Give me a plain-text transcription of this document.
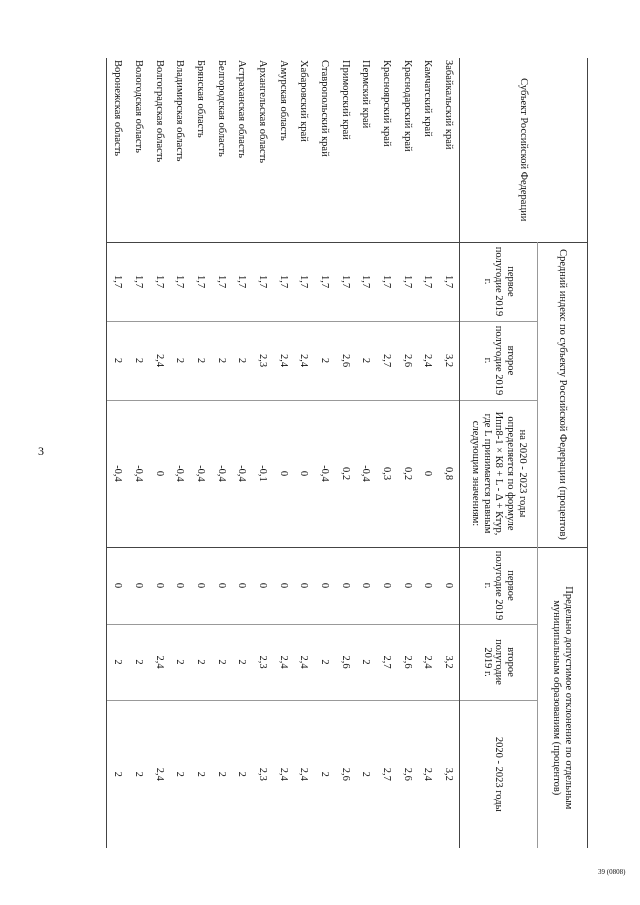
3
39 (0808)
Субъект Российской Федерации	Средний индекс по субъекту Российской Федерации (процентов)			Предельно допустимое отклонение по отдельным муниципальным образованиям (процентов)		
	первое полугодие 2019 г.	второе полугодие 2019 г.	на 2020 - 2023 годы определяется по формуле Ипп8-1 × К8 + L - Δ + Ктур, где L принимается равным следующим значениям:	первое полугодие 2019 г.	второе полугодие 2019 г.	2020 - 2023 годы
Забайкальский край	1,7	3,2	0,8	0	3,2	3,2
Камчатский край	1,7	2,4	0	0	2,4	2,4
Краснодарский край	1,7	2,6	0,2	0	2,6	2,6
Красноярский край	1,7	2,7	0,3	0	2,7	2,7
Пермский край	1,7	2	-0,4	0	2	2
Приморский край	1,7	2,6	0,2	0	2,6	2,6
Ставропольский край	1,7	2	-0,4	0	2	2
Хабаровский край	1,7	2,4	0	0	2,4	2,4
Амурская область	1,7	2,4	0	0	2,4	2,4
Архангельская область	1,7	2,3	-0,1	0	2,3	2,3
Астраханская область	1,7	2	-0,4	0	2	2
Белгородская область	1,7	2	-0,4	0	2	2
Брянская область	1,7	2	-0,4	0	2	2
Владимирская область	1,7	2	-0,4	0	2	2
Волгоградская область	1,7	2,4	0	0	2,4	2,4
Вологодская область	1,7	2	-0,4	0	2	2
Воронежская область	1,7	2	-0,4	0	2	2
